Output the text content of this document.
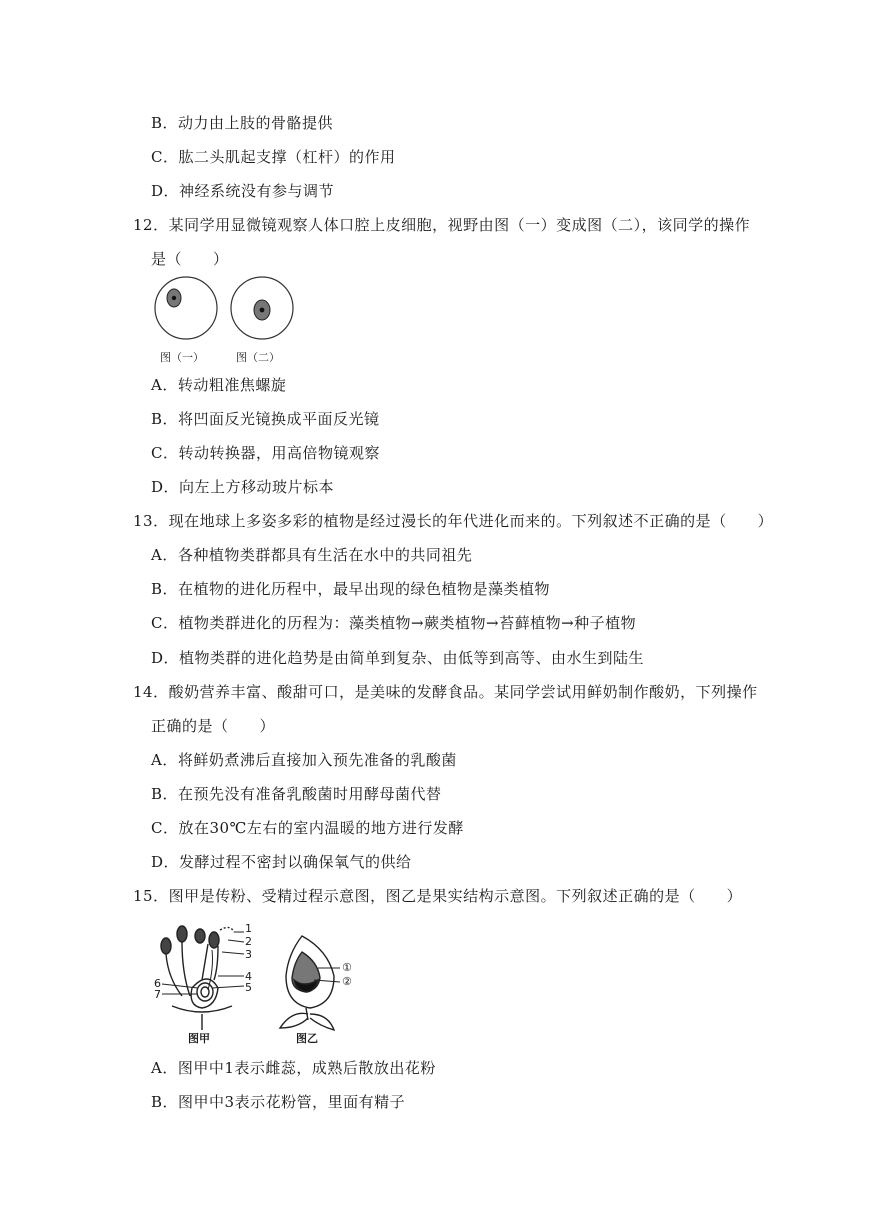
B．动力由上肢的骨骼提供
C．肱二头肌起支撑（杠杆）的作用
D．神经系统没有参与调节
12．某同学用显微镜观察人体口腔上皮细胞，视野由图（一）变成图（二），该同学的操作
是（　　）
图（一）	图（二）
A．转动粗准焦螺旋
B．将凹面反光镜换成平面反光镜
C．转动转换器，用高倍物镜观察
D．向左上方移动玻片标本
13．现在地球上多姿多彩的植物是经过漫长的年代进化而来的。下列叙述不正确的是（　　）
A．各种植物类群都具有生活在水中的共同祖先
B．在植物的进化历程中，最早出现的绿色植物是藻类植物
C．植物类群进化的历程为：藻类植物→蕨类植物→苔藓植物→种子植物
D．植物类群的进化趋势是由简单到复杂、由低等到高等、由水生到陆生
14．酸奶营养丰富、酸甜可口，是美味的发酵食品。某同学尝试用鲜奶制作酸奶，下列操作
正确的是（　　）
A．将鲜奶煮沸后直接加入预先准备的乳酸菌
B．在预先没有准备乳酸菌时用酵母菌代替
C．放在30℃左右的室内温暖的地方进行发酵
D．发酵过程不密封以确保氧气的供给
15．图甲是传粉、受精过程示意图，图乙是果实结构示意图。下列叙述正确的是（　　）
1
2
3
4
5
6
7
①
②
图甲	图乙
A．图甲中1表示雌蕊，成熟后散放出花粉
B．图甲中3表示花粉管，里面有精子
